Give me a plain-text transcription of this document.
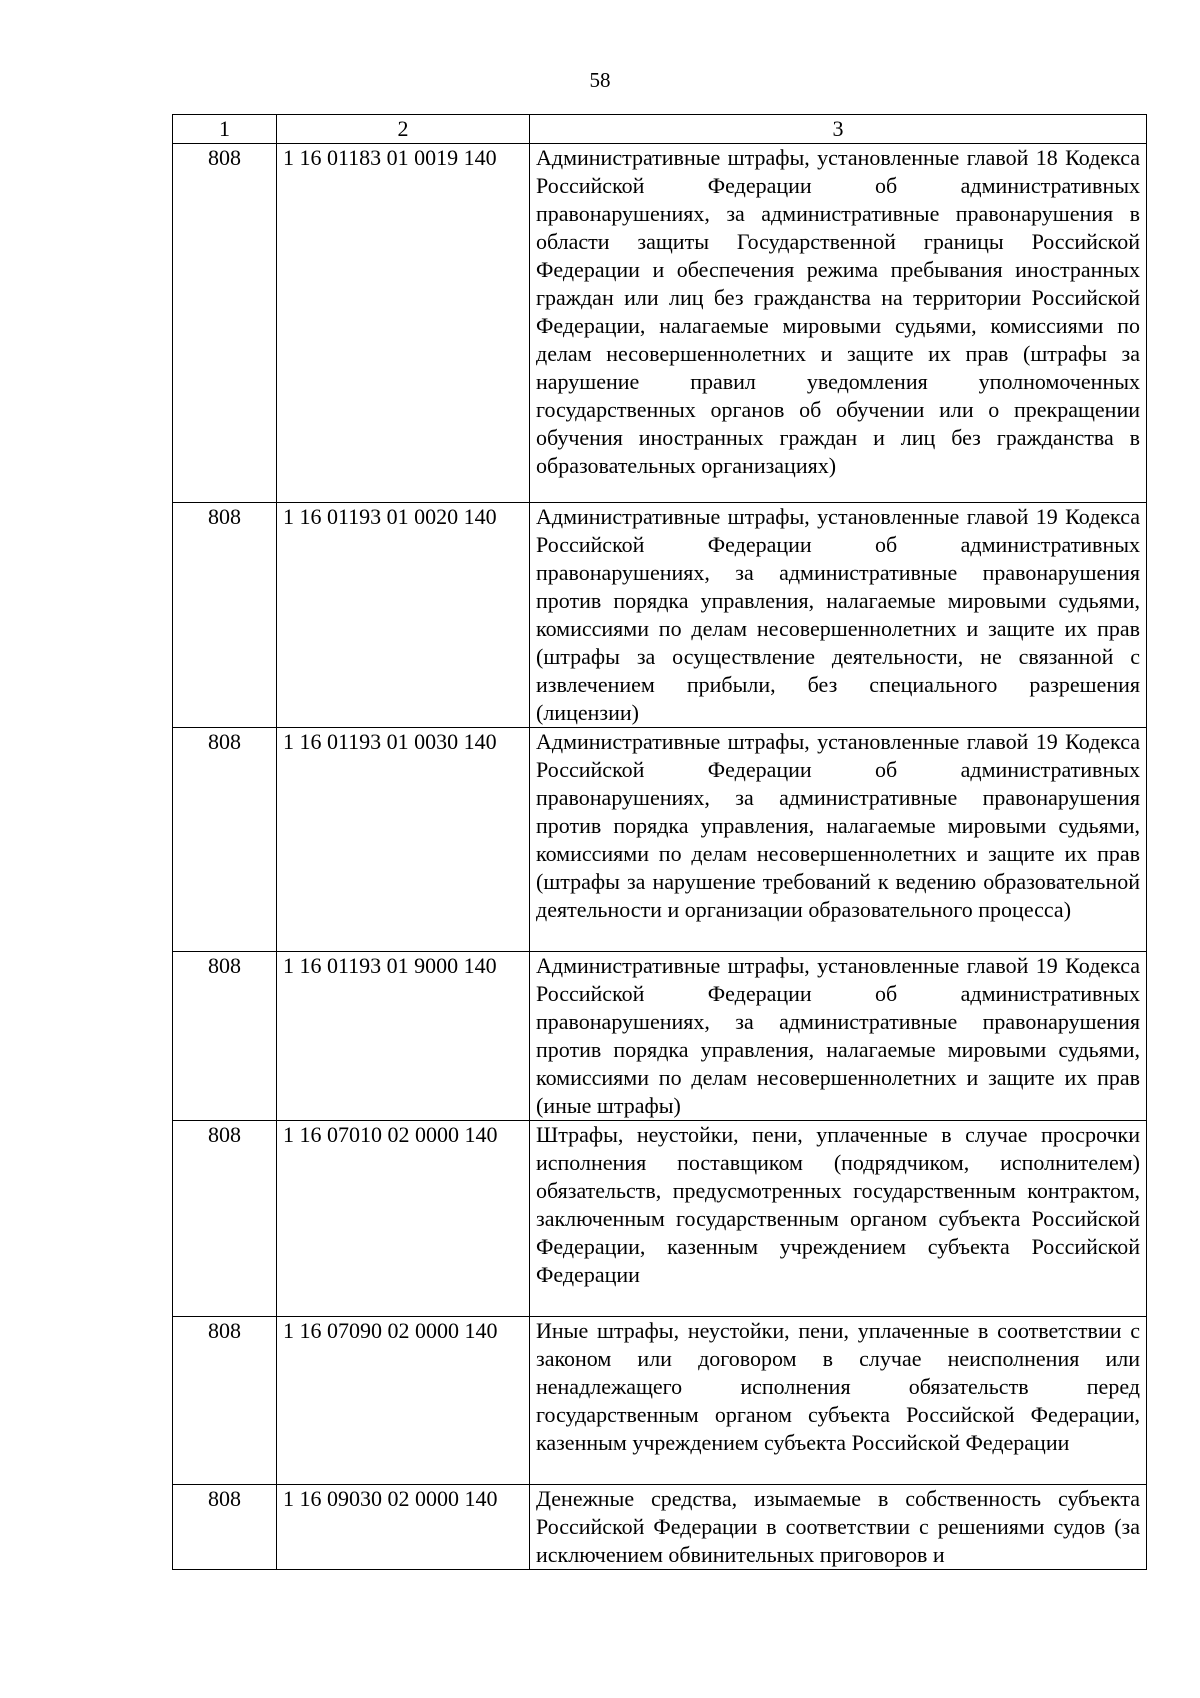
58
1	2	3
808	1 16 01183 01 0019 140	Административные штрафы, установленные главой 18 Кодекса Российской Федерации об административных правонарушениях, за административные правонарушения в области защиты Государственной границы Российской Федерации и обеспечения режима пребывания иностранных граждан или лиц без гражданства на территории Российской Федерации, налагаемые мировыми судьями, комиссиями по делам несовершеннолетних и защите их прав (штрафы за нарушение правил уведомления уполномоченных государственных органов об обучении или о прекращении обучения иностранных граждан и лиц без гражданства в образовательных организациях)
808	1 16 01193 01 0020 140	Административные штрафы, установленные главой 19 Кодекса Российской Федерации об административных правонарушениях, за административные правонарушения против порядка управления, налагаемые мировыми судьями, комиссиями по делам несовершеннолетних и защите их прав (штрафы за осуществление деятельности, не связанной с извлечением прибыли, без специального разрешения (лицензии)
808	1 16 01193 01 0030 140	Административные штрафы, установленные главой 19 Кодекса Российской Федерации об административных правонарушениях, за административные правонарушения против порядка управления, налагаемые мировыми судьями, комиссиями по делам несовершеннолетних и защите их прав (штрафы за нарушение требований к ведению образовательной деятельности и организации образовательного процесса)
808	1 16 01193 01 9000 140	Административные штрафы, установленные главой 19 Кодекса Российской Федерации об административных правонарушениях, за административные правонарушения против порядка управления, налагаемые мировыми судьями, комиссиями по делам несовершеннолетних и защите их прав (иные штрафы)
808	1 16 07010 02 0000 140	Штрафы, неустойки, пени, уплаченные в случае просрочки исполнения поставщиком (подрядчиком, исполнителем) обязательств, предусмотренных государственным контрактом, заключенным государственным органом субъекта Российской Федерации, казенным учреждением субъекта Российской Федерации
808	1 16 07090 02 0000 140	Иные штрафы, неустойки, пени, уплаченные в соответствии с законом или договором в случае неисполнения или ненадлежащего исполнения обязательств перед государственным органом субъекта Российской Федерации, казенным учреждением субъекта Российской Федерации
808	1 16 09030 02 0000 140	Денежные средства, изымаемые в собственность субъекта Российской Федерации в соответствии с решениями судов (за исключением обвинительных приговоров и
